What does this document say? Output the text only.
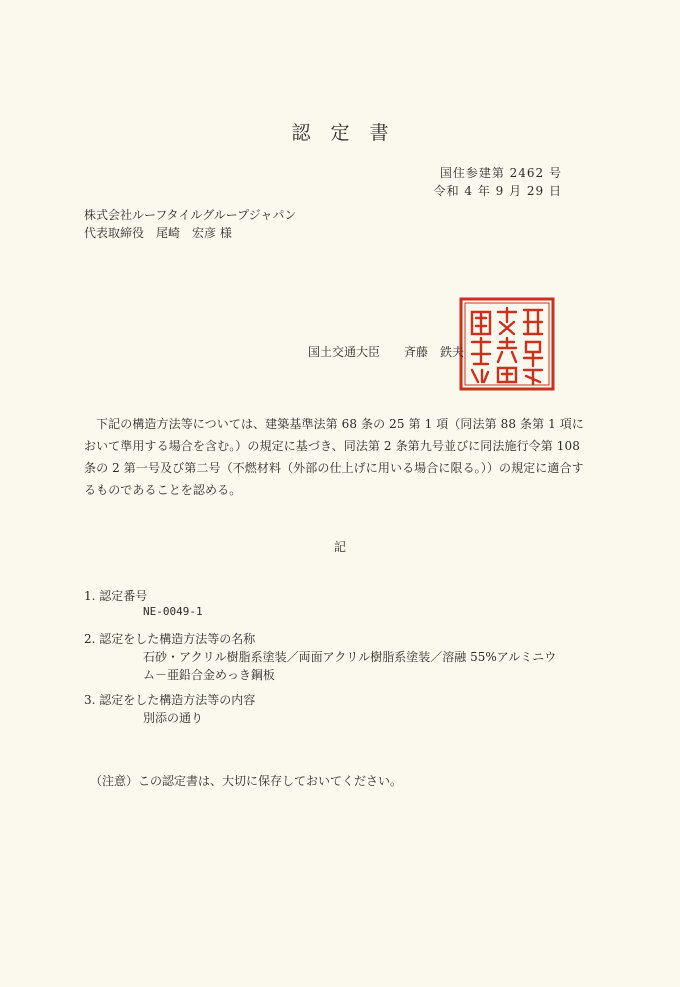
認定書
国住参建第 2462 号
令和 4 年 9 月 29 日
株式会社ルーフタイルグループジャパン
代表取締役　尾崎　宏彦 様
国土交通大臣 斉藤　鉄夫
下記の構造方法等については、建築基準法第 68 条の 25 第 1 項（同法第 88 条第 1 項において準用する場合を含む。）の規定に基づき、同法第 2 条第九号並びに同法施行令第 108 条の 2 第一号及び第二号（不燃材料（外部の仕上げに用いる場合に限る。））の規定に適合するものであることを認める。
記
1. 認定番号
NE-0049-1
2. 認定をした構造方法等の名称
石砂・アクリル樹脂系塗装／両面アクリル樹脂系塗装／溶融 55%アルミニウ
ム－亜鉛合金めっき鋼板
3. 認定をした構造方法等の内容
別添の通り
（注意）この認定書は、大切に保存しておいてください。
